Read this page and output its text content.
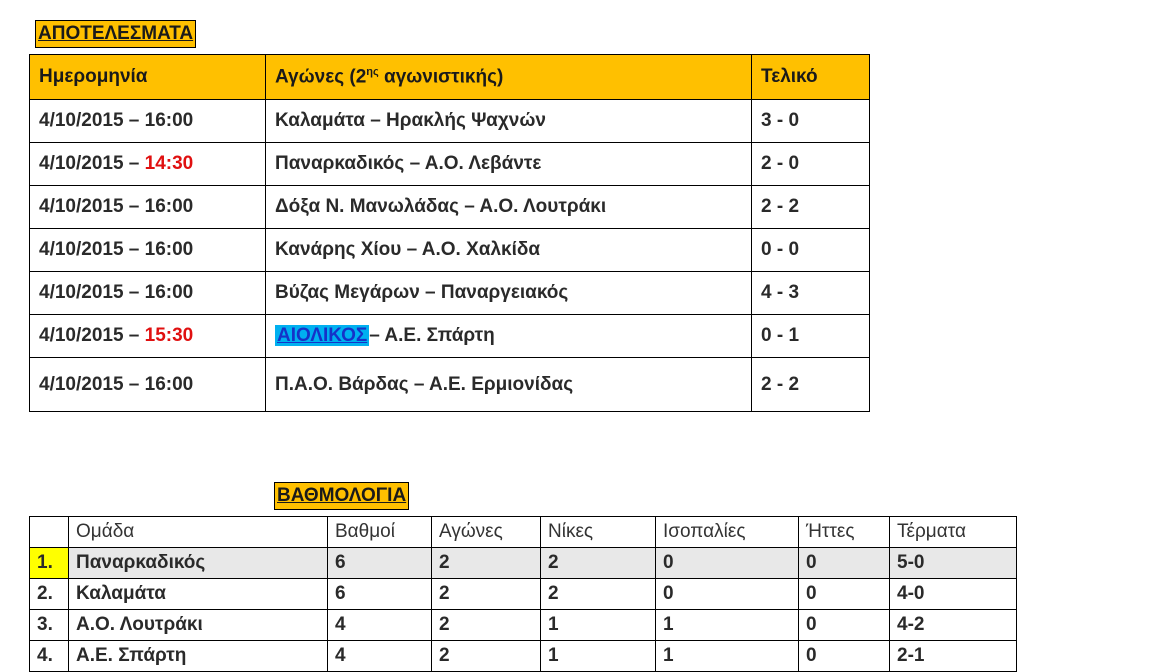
ΑΠΟΤΕΛΕΣΜΑΤΑ
Ημερομηνία	Αγώνες ($2^{\eta\varsigma}$ αγωνιστικής)	Τελικό
4/10/2015 – 16:00	Καλαμάτα – Ηρακλής Ψαχνών	3 - 0
4/10/2015 – 14:30	Παναρκαδικός – Α.Ο. Λεβάντε	2 - 0
4/10/2015 – 16:00	Δόξα Ν. Μανωλάδας – Α.Ο. Λουτράκι	2 - 2
4/10/2015 – 16:00	Κανάρης Χίου – Α.Ο. Χαλκίδα	0 - 0
4/10/2015 – 16:00	Βύζας Μεγάρων – Παναργειακός	4 - 3
4/10/2015 – 15:30	ΑΙΟΛΙΚΟΣ – Α.Ε. Σπάρτη	0 - 1
4/10/2015 – 16:00	Π.Α.Ο. Βάρδας – Α.Ε. Ερμιονίδας	2 - 2
ΒΑΘΜΟΛΟΓΙΑ
	Ομάδα	Βαθμοί	Αγώνες	Νίκες	Ισοπαλίες	Ήττες	Τέρματα
1.	Παναρκαδικός	6	2	2	0	0	5-0
2.	Καλαμάτα	6	2	2	0	0	4-0
3.	Α.Ο. Λουτράκι	4	2	1	1	0	4-2
4.	Α.Ε. Σπάρτη	4	2	1	1	0	2-1
